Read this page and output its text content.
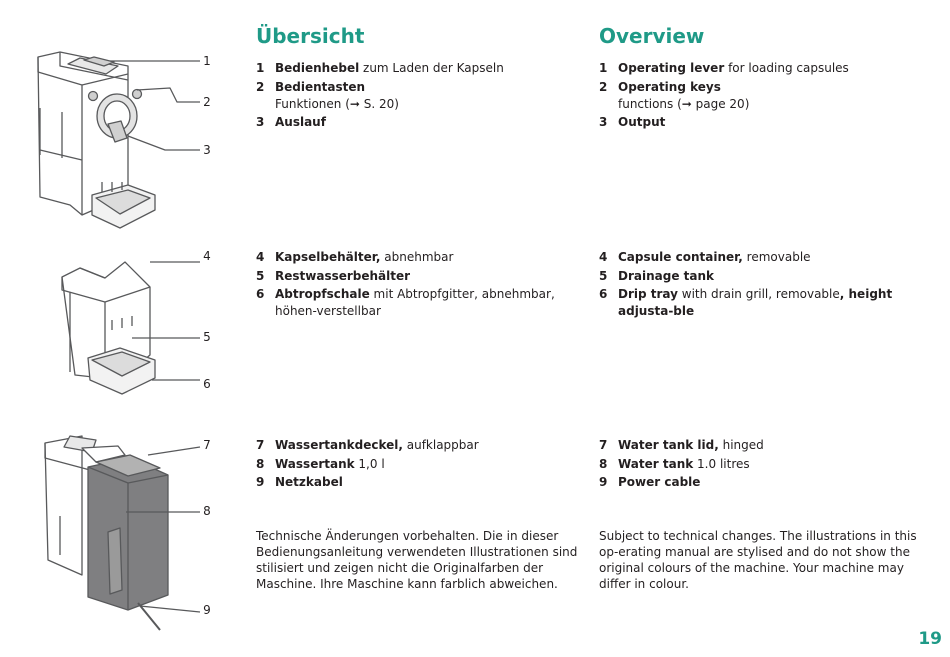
1
2
3
4
5
6
7
8
9
Übersicht
1 Bedienhebel zum Laden der Kapseln
2 Bedientasten
Funktionen (➞ S. 20)
3 Auslauf
4 Kapselbehälter, abnehmbar
5 Restwasserbehälter
6 Abtropfschale mit Abtropfgitter, abnehmbar, höhen-verstellbar
7 Wassertankdeckel, aufklappbar
8 Wassertank 1,0 l
9 Netzkabel

Technische Änderungen vorbehalten. Die in dieser Bedienungsanleitung verwendeten Illustrationen sind stilisiert und zeigen nicht die Originalfarben der Maschine. Ihre Maschine kann farblich abweichen.

Overview
1 Operating lever for loading capsules
2 Operating keys
functions (➞ page 20)
3 Output
4 Capsule container, removable
5 Drainage tank
6 Drip tray with drain grill, removable, height adjusta-ble
7 Water tank lid, hinged
8 Water tank 1.0 litres
9 Power cable

Subject to technical changes. The illustrations in this op-erating manual are stylised and do not show the original colours of the machine. Your machine may differ in colour.

19
